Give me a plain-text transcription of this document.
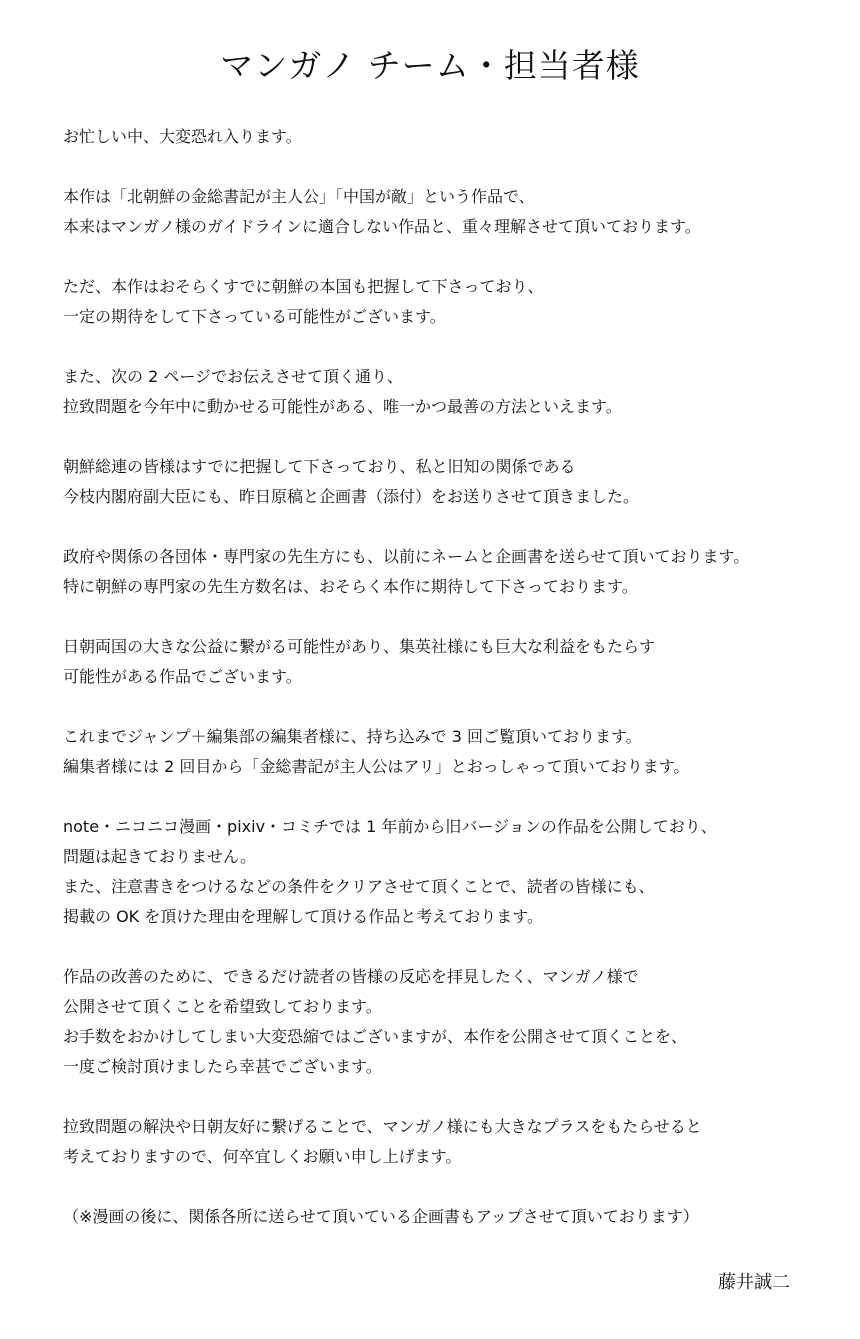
マンガノ チーム・担当者様
お忙しい中、大変恐れ入ります。
本作は「北朝鮮の金総書記が主人公」「中国が敵」という作品で、
本来はマンガノ様のガイドラインに適合しない作品と、重々理解させて頂いております。
ただ、本作はおそらくすでに朝鮮の本国も把握して下さっており、
一定の期待をして下さっている可能性がございます。
また、次の 2 ページでお伝えさせて頂く通り、
拉致問題を今年中に動かせる可能性がある、唯一かつ最善の方法といえます。
朝鮮総連の皆様はすでに把握して下さっており、私と旧知の関係である
今枝内閣府副大臣にも、昨日原稿と企画書（添付）をお送りさせて頂きました。
政府や関係の各団体・専門家の先生方にも、以前にネームと企画書を送らせて頂いております。
特に朝鮮の専門家の先生方数名は、おそらく本作に期待して下さっております。
日朝両国の大きな公益に繋がる可能性があり、集英社様にも巨大な利益をもたらす
可能性がある作品でございます。
これまでジャンプ＋編集部の編集者様に、持ち込みで 3 回ご覧頂いております。
編集者様には 2 回目から「金総書記が主人公はアリ」とおっしゃって頂いております。
note・ニコニコ漫画・pixiv・コミチでは 1 年前から旧バージョンの作品を公開しており、
問題は起きておりません。
また、注意書きをつけるなどの条件をクリアさせて頂くことで、読者の皆様にも、
掲載の OK を頂けた理由を理解して頂ける作品と考えております。
作品の改善のために、できるだけ読者の皆様の反応を拝見したく、マンガノ様で
公開させて頂くことを希望致しております。
お手数をおかけしてしまい大変恐縮ではございますが、本作を公開させて頂くことを、
一度ご検討頂けましたら幸甚でございます。
拉致問題の解決や日朝友好に繋げることで、マンガノ様にも大きなプラスをもたらせると
考えておりますので、何卒宜しくお願い申し上げます。
（※漫画の後に、関係各所に送らせて頂いている企画書もアップさせて頂いております）
藤井誠二
